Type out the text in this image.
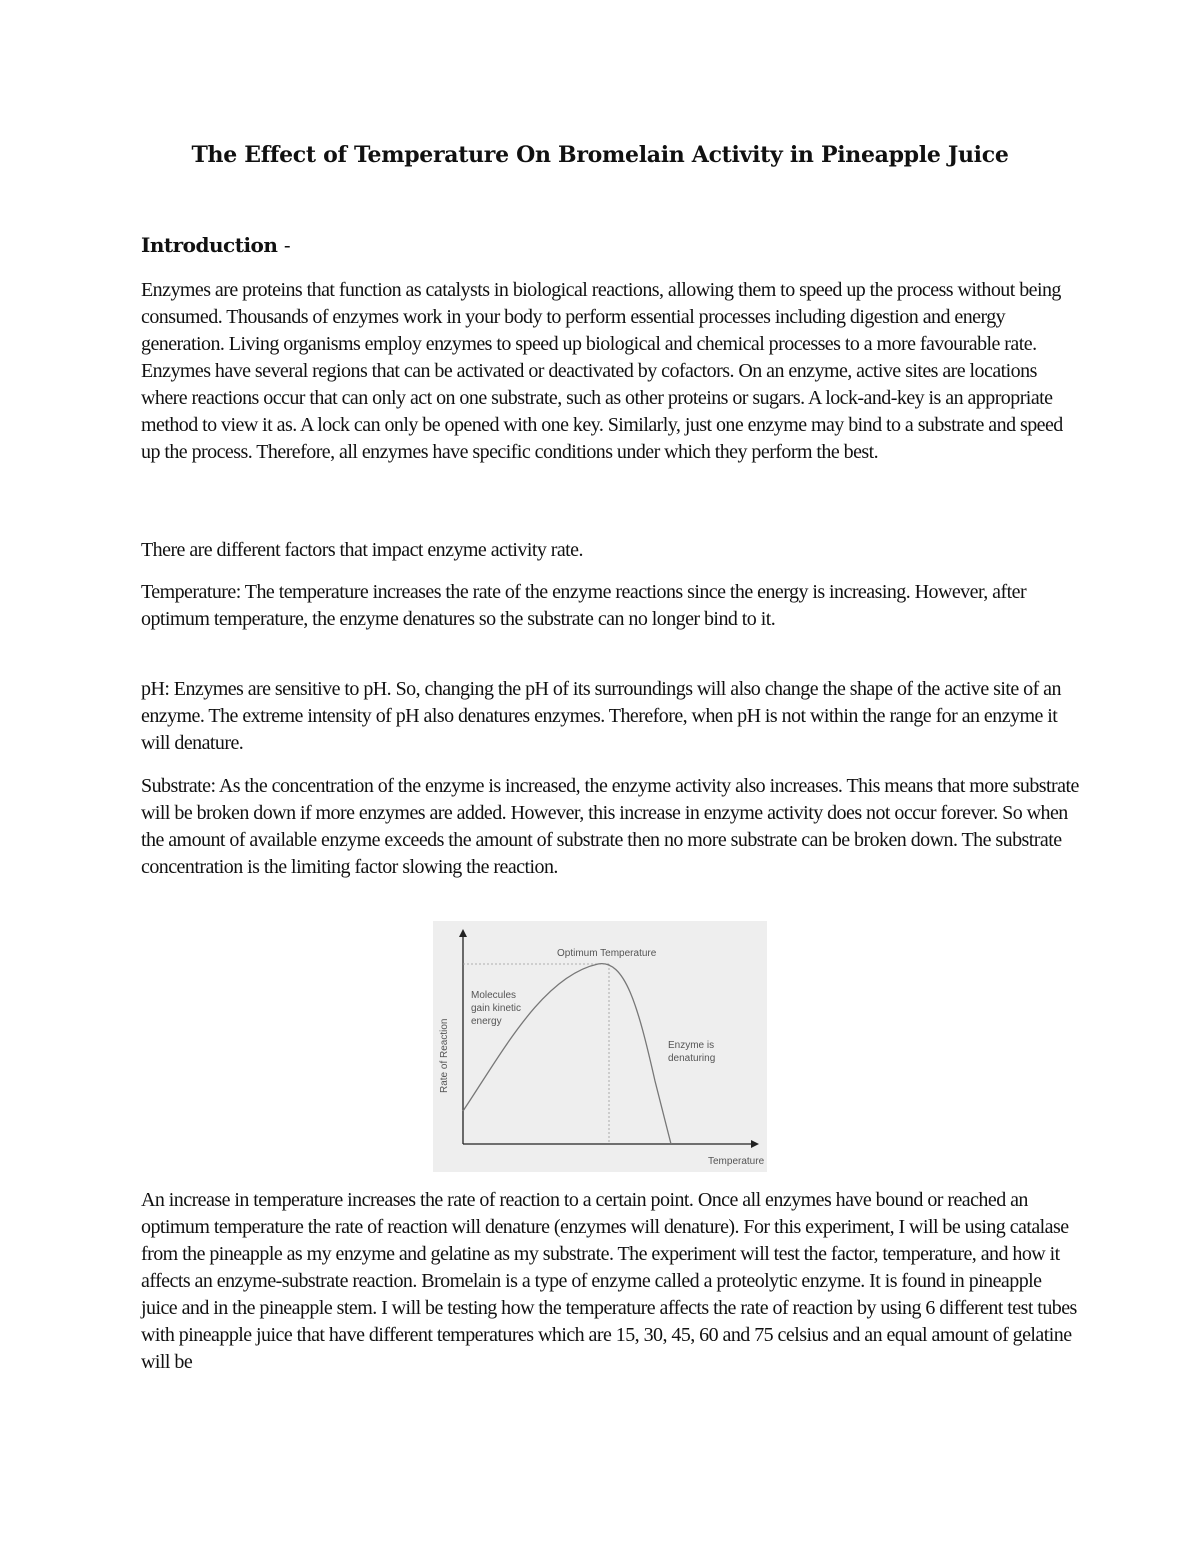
The Effect of Temperature On Bromelain Activity in Pineapple Juice
Introduction -

Enzymes are proteins that function as catalysts in biological reactions, allowing them to speed up the process without being consumed. Thousands of enzymes work in your body to perform essential processes including digestion and energy generation. Living organisms employ enzymes to speed up biological and chemical processes to a more favourable rate. Enzymes have several regions that can be activated or deactivated by cofactors. On an enzyme, active sites are locations where reactions occur that can only act on one substrate, such as other proteins or sugars. A lock-and-key is an appropriate method to view it as. A lock can only be opened with one key. Similarly, just one enzyme may bind to a substrate and speed up the process. Therefore, all enzymes have specific conditions under which they perform the best.

There are different factors that impact enzyme activity rate.

Temperature: The temperature increases the rate of the enzyme reactions since the energy is increasing. However, after optimum temperature, the enzyme denatures so the substrate can no longer bind to it.

pH: Enzymes are sensitive to pH. So, changing the pH of its surroundings will also change the shape of the active site of an enzyme. The extreme intensity of pH also denatures enzymes. Therefore, when pH is not within the range for an enzyme it will denature.

Substrate: As the concentration of the enzyme is increased, the enzyme activity also increases. This means that more substrate will be broken down if more enzymes are added. However, this increase in enzyme activity does not occur forever. So when the amount of available enzyme exceeds the amount of substrate then no more substrate can be broken down. The substrate concentration is the limiting factor slowing the reaction.

Optimum Temperature
Molecules
gain kinetic
energy
Enzyme is
denaturing
Temperature
Rate of Reaction

An increase in temperature increases the rate of reaction to a certain point. Once all enzymes have bound or reached an optimum temperature the rate of reaction will denature (enzymes will denature). For this experiment, I will be using catalase from the pineapple as my enzyme and gelatine as my substrate. The experiment will test the factor, temperature, and how it affects an enzyme-substrate reaction. Bromelain is a type of enzyme called a proteolytic enzyme. It is found in pineapple juice and in the pineapple stem. I will be testing how the temperature affects the rate of reaction by using 6 different test tubes with pineapple juice that have different temperatures which are 15, 30, 45, 60 and 75 celsius and an equal amount of gelatine will be
